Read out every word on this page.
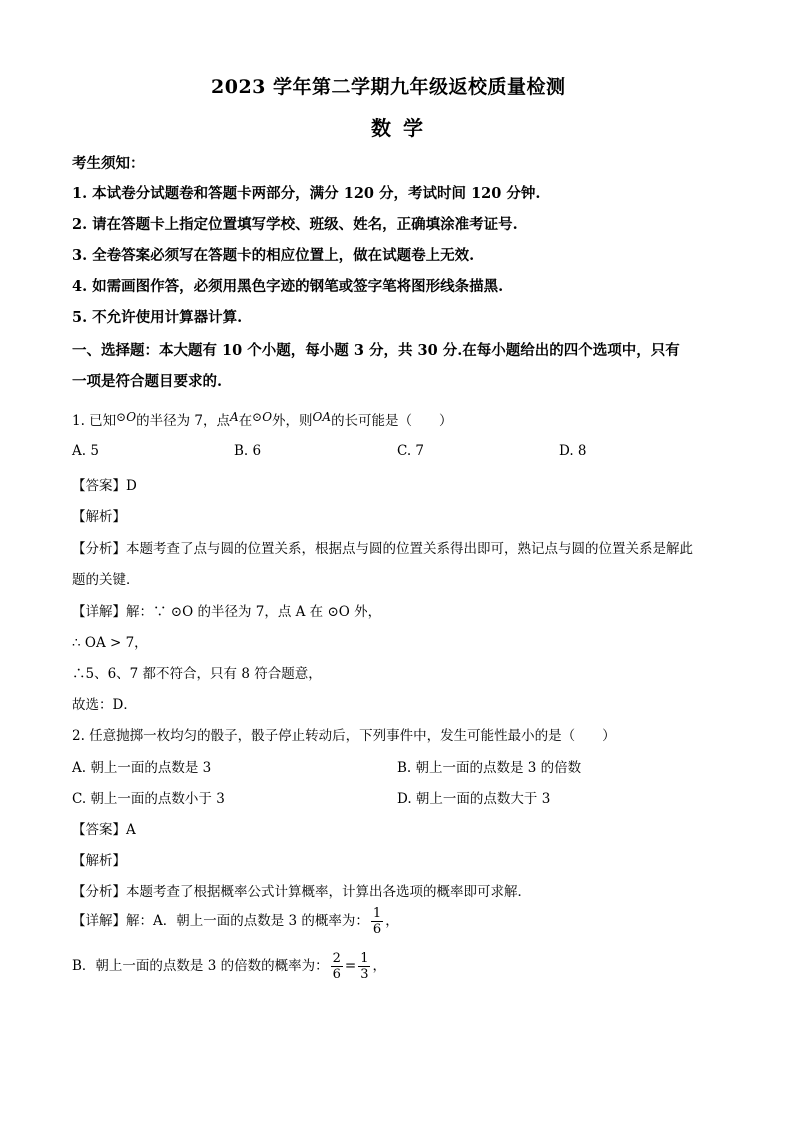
2023 学年第二学期九年级返校质量检测
数学
考生须知：
1. 本试卷分试题卷和答题卡两部分，满分 120 分，考试时间 120 分钟.
2. 请在答题卡上指定位置填写学校、班级、姓名，正确填涂准考证号.
3. 全卷答案必须写在答题卡的相应位置上，做在试题卷上无效.
4. 如需画图作答，必须用黑色字迹的钢笔或签字笔将图形线条描黑.
5. 不允许使用计算器计算.
一、选择题：本大题有 10 个小题，每小题 3 分，共 30 分.在每小题给出的四个选项中，只有
一项是符合题目要求的.
1. 已知⊙O的半径为 7，点A在⊙O外，则OA的长可能是（　　）
A. 5	B. 6	C. 7	D. 8
【答案】D
【解析】
【分析】本题考查了点与圆的位置关系，根据点与圆的位置关系得出即可，熟记点与圆的位置关系是解此
题的关键．
【详解】解：∵ ⊙O 的半径为 7，点 A 在 ⊙O 外，
∴ OA > 7，
∴5、6、7 都不符合，只有 8 符合题意，
故选：D．
2. 任意抛掷一枚均匀的骰子，骰子停止转动后，下列事件中，发生可能性最小的是（　　）
A. 朝上一面的点数是 3	B. 朝上一面的点数是 3 的倍数
C. 朝上一面的点数小于 3	D. 朝上一面的点数大于 3
【答案】A
【解析】
【分析】本题考查了根据概率公式计算概率，计算出各选项的概率即可求解．
【详解】解：A．朝上一面的点数是 3 的概率为： $\frac{1}{6}$ ，
B．朝上一面的点数是 3 的倍数的概率为： $\frac{2}{6} = \frac{1}{3}$ ，
